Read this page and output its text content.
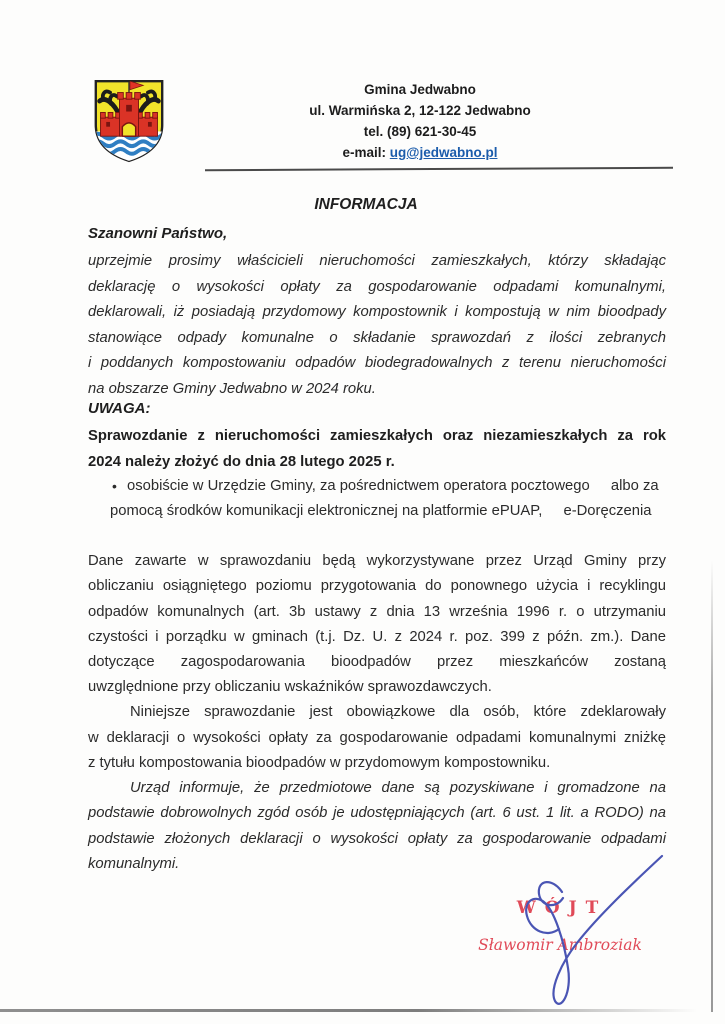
Gmina Jedwabno
ul. Warmińska 2, 12-122 Jedwabno
tel. (89) 621-30-45
e-mail: ug@jedwabno.pl
INFORMACJA
Szanowni Państwo,
uprzejmie prosimy właścicieli nieruchomości zamieszkałych, którzy składając
deklarację o wysokości opłaty za gospodarowanie odpadami komunalnymi,
deklarowali, iż posiadają przydomowy kompostownik i kompostują w nim bioodpady
stanowiące odpady komunalne o składanie sprawozdań z ilości zebranych
i poddanych kompostowaniu odpadów biodegradowalnych z terenu nieruchomości
na obszarze Gminy Jedwabno w 2024 roku.
UWAGA:
Sprawozdanie z nieruchomości zamieszkałych oraz niezamieszkałych za rok
2024 należy złożyć do dnia 28 lutego 2025 r.
• osobiście w Urzędzie Gminy, za pośrednictwem operatora pocztowego albo za pomocą środków komunikacji elektronicznej na platformie ePUAP, e-Doręczenia
Dane zawarte w sprawozdaniu będą wykorzystywane przez Urząd Gminy przy
obliczaniu osiągniętego poziomu przygotowania do ponownego użycia i recyklingu
odpadów komunalnych (art. 3b ustawy z dnia 13 września 1996 r. o utrzymaniu
czystości i porządku w gminach (t.j. Dz. U. z 2024 r. poz. 399 z późn. zm.). Dane
dotyczące zagospodarowania bioodpadów przez mieszkańców zostaną
uwzględnione przy obliczaniu wskaźników sprawozdawczych.
Niniejsze sprawozdanie jest obowiązkowe dla osób, które zdeklarowały
w deklaracji o wysokości opłaty za gospodarowanie odpadami komunalnymi zniżkę
z tytułu kompostowania bioodpadów w przydomowym kompostowniku.
Urząd informuje, że przedmiotowe dane są pozyskiwane i gromadzone na
podstawie dobrowolnych zgód osób je udostępniających (art. 6 ust. 1 lit. a RODO) na
podstawie złożonych deklaracji o wysokości opłaty za gospodarowanie odpadami
komunalnymi.
WÓJT
Sławomir Ambroziak
